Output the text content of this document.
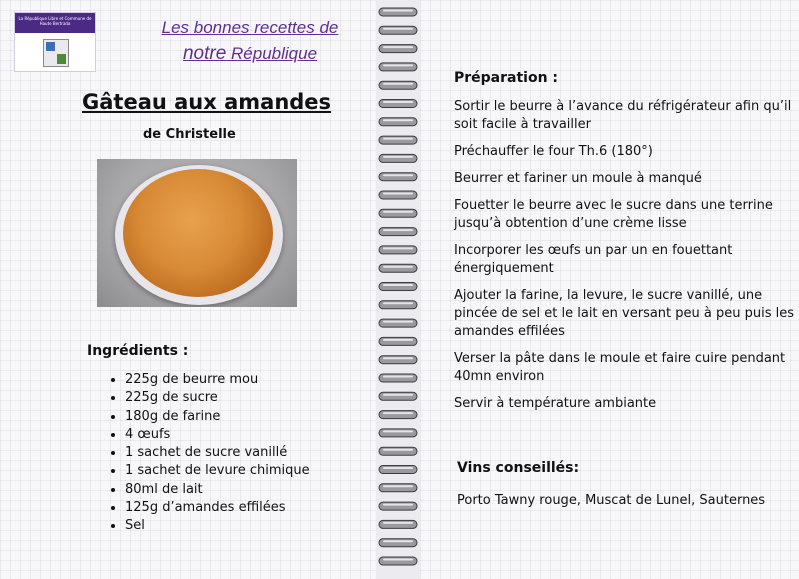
La République Libre et Commune de Haute Bertrada	Les bonnes recettes de
notre République
Gâteau aux amandes
de Christelle
Ingrédients :
• 225g de beurre mou
• 225g de sucre
• 180g de farine
• 4 œufs
• 1 sachet de sucre vanillé
• 1 sachet de levure chimique
• 80ml de lait
• 125g d’amandes effilées
• Sel
Préparation :

Sortir le beurre à l’avance du réfrigérateur afin qu’il soit facile à travailler

Préchauffer le four Th.6 (180°)

Beurrer et fariner un moule à manqué

Fouetter le beurre avec le sucre dans une terrine jusqu’à obtention d’une crème lisse

Incorporer les œufs un par un en fouettant énergiquement

Ajouter la farine, la levure, le sucre vanillé, une pincée de sel et le lait en versant peu à peu puis les amandes effilées

Verser la pâte dans le moule et faire cuire pendant 40mn environ

Servir à température ambiante

Vins conseillés:
Porto Tawny rouge, Muscat de Lunel, Sauternes
